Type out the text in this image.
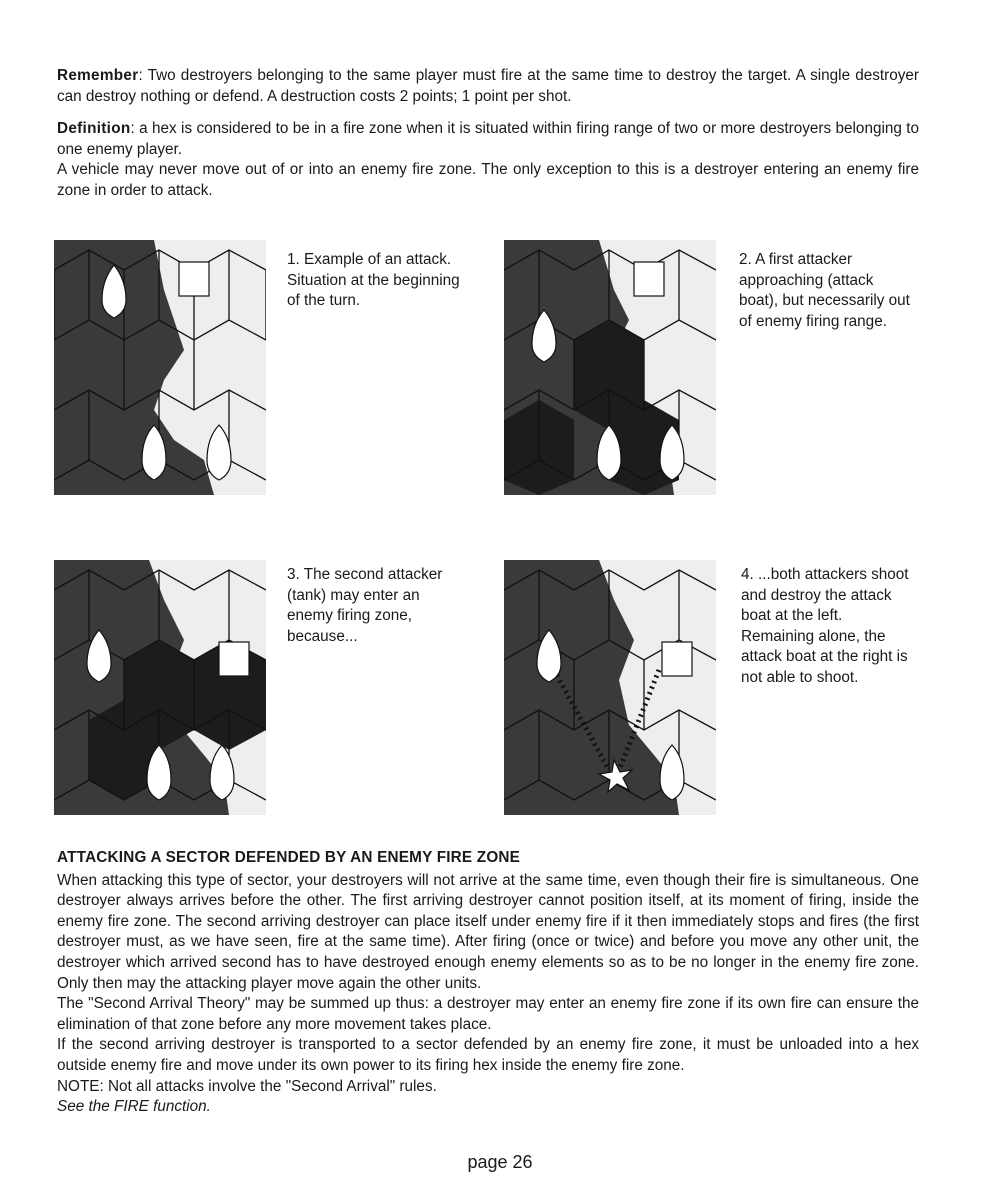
Remember: Two destroyers belonging to the same player must fire at the same time to destroy the target. A single destroyer can destroy nothing or defend. A destruction costs 2 points; 1 point per shot.

Definition: a hex is considered to be in a fire zone when it is situated within firing range of two or more destroyers belonging to one enemy player.

A vehicle may never move out of or into an enemy fire zone. The only exception to this is a destroyer entering an enemy fire zone in order to attack.

1. Example of an attack. Situation at the beginning of the turn.
2. A first attacker approaching (attack boat), but necessarily out of enemy firing range.
3. The second attacker (tank) may enter an enemy firing zone, because...
4. ...both attackers shoot and destroy the attack boat at the left. Remaining alone, the attack boat at the right is not able to shoot.
ATTACKING A SECTOR DEFENDED BY AN ENEMY FIRE ZONE

When attacking this type of sector, your destroyers will not arrive at the same time, even though their fire is simultaneous. One destroyer always arrives before the other. The first arriving destroyer cannot position itself, at its moment of firing, inside the enemy fire zone. The second arriving destroyer can place itself under enemy fire if it then immediately stops and fires (the first destroyer must, as we have seen, fire at the same time). After firing (once or twice) and before you move any other unit, the destroyer which arrived second has to have destroyed enough enemy elements so as to be no longer in the enemy fire zone. Only then may the attacking player move again the other units.

The "Second Arrival Theory" may be summed up thus: a destroyer may enter an enemy fire zone if its own fire can ensure the elimination of that zone before any more movement takes place.

If the second arriving destroyer is transported to a sector defended by an enemy fire zone, it must be unloaded into a hex outside enemy fire and move under its own power to its firing hex inside the enemy fire zone.

NOTE: Not all attacks involve the "Second Arrival" rules.

See the FIRE function.

page 26
